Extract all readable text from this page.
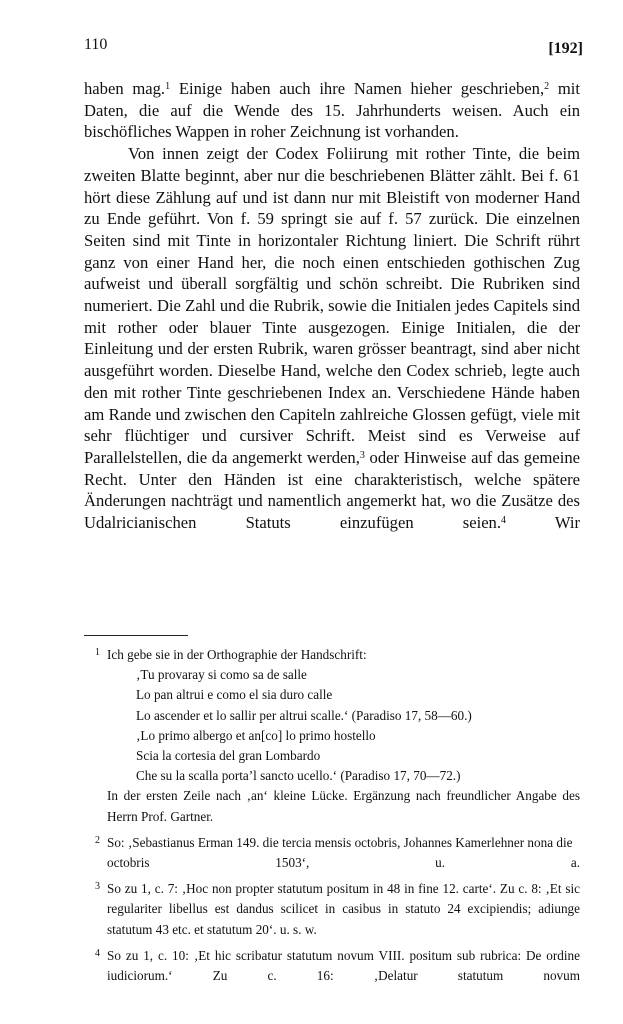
110	[192]

haben mag.$^1$ Einige haben auch ihre Namen hieher geschrieben,$^2$ mit Daten, die auf die Wende des 15. Jahrhunderts weisen. Auch ein bischöfliches Wappen in roher Zeichnung ist vorhanden.

Von innen zeigt der Codex Foliirung mit rother Tinte, die beim zweiten Blatte beginnt, aber nur die beschriebenen Blätter zählt. Bei f. 61 hört diese Zählung auf und ist dann nur mit Bleistift von moderner Hand zu Ende geführt. Von f. 59 springt sie auf f. 57 zurück. Die einzelnen Seiten sind mit Tinte in horizontaler Richtung liniert. Die Schrift rührt ganz von einer Hand her, die noch einen entschieden gothischen Zug aufweist und überall sorgfältig und schön schreibt. Die Rubriken sind numeriert. Die Zahl und die Rubrik, sowie die Initialen jedes Capitels sind mit rother oder blauer Tinte ausgezogen. Einige Initialen, die der Einleitung und der ersten Rubrik, waren grösser beantragt, sind aber nicht ausgeführt worden. Dieselbe Hand, welche den Codex schrieb, legte auch den mit rother Tinte geschriebenen Index an. Verschiedene Hände haben am Rande und zwischen den Capiteln zahlreiche Glossen gefügt, viele mit sehr flüchtiger und cursiver Schrift. Meist sind es Verweise auf Parallelstellen, die da angemerkt werden,$^3$ oder Hinweise auf das gemeine Recht. Unter den Händen ist eine charakteristisch, welche spätere Änderungen nachträgt und namentlich angemerkt hat, wo die Zusätze des Udalricianischen Statuts einzufügen seien.$^4$ Wir

1 Ich gebe sie in der Orthographie der Handschrift:
‚Tu provaray si como sa de salle
Lo pan altrui e como el sia duro calle
Lo ascender et lo sallir per altrui scalle.‘ (Paradiso 17, 58—60.)
‚Lo primo albergo et an[co] lo primo hostello
Scia la cortesia del gran Lombardo
Che su la scalla porta’l sancto ucello.‘ (Paradiso 17, 70—72.)
In der ersten Zeile nach ‚an‘ kleine Lücke. Ergänzung nach freundlicher Angabe des Herrn Prof. Gartner.
2 So: ‚Sebastianus Erman 149. die tercia mensis octobris, Johannes Kamerlehner nona die octobris 1503‘, u. a.
3 So zu 1, c. 7: ‚Hoc non propter statutum positum in 48 in fine 12. carte‘. Zu c. 8: ‚Et sic regulariter libellus est dandus scilicet in casibus in statuto 24 excipiendis; adiunge statutum 43 etc. et statutum 20‘. u. s. w.
4 So zu 1, c. 10: ‚Et hic scribatur statutum novum VIII. positum sub rubrica: De ordine iudiciorum.‘ Zu c. 16: ‚Delatur statutum novum
